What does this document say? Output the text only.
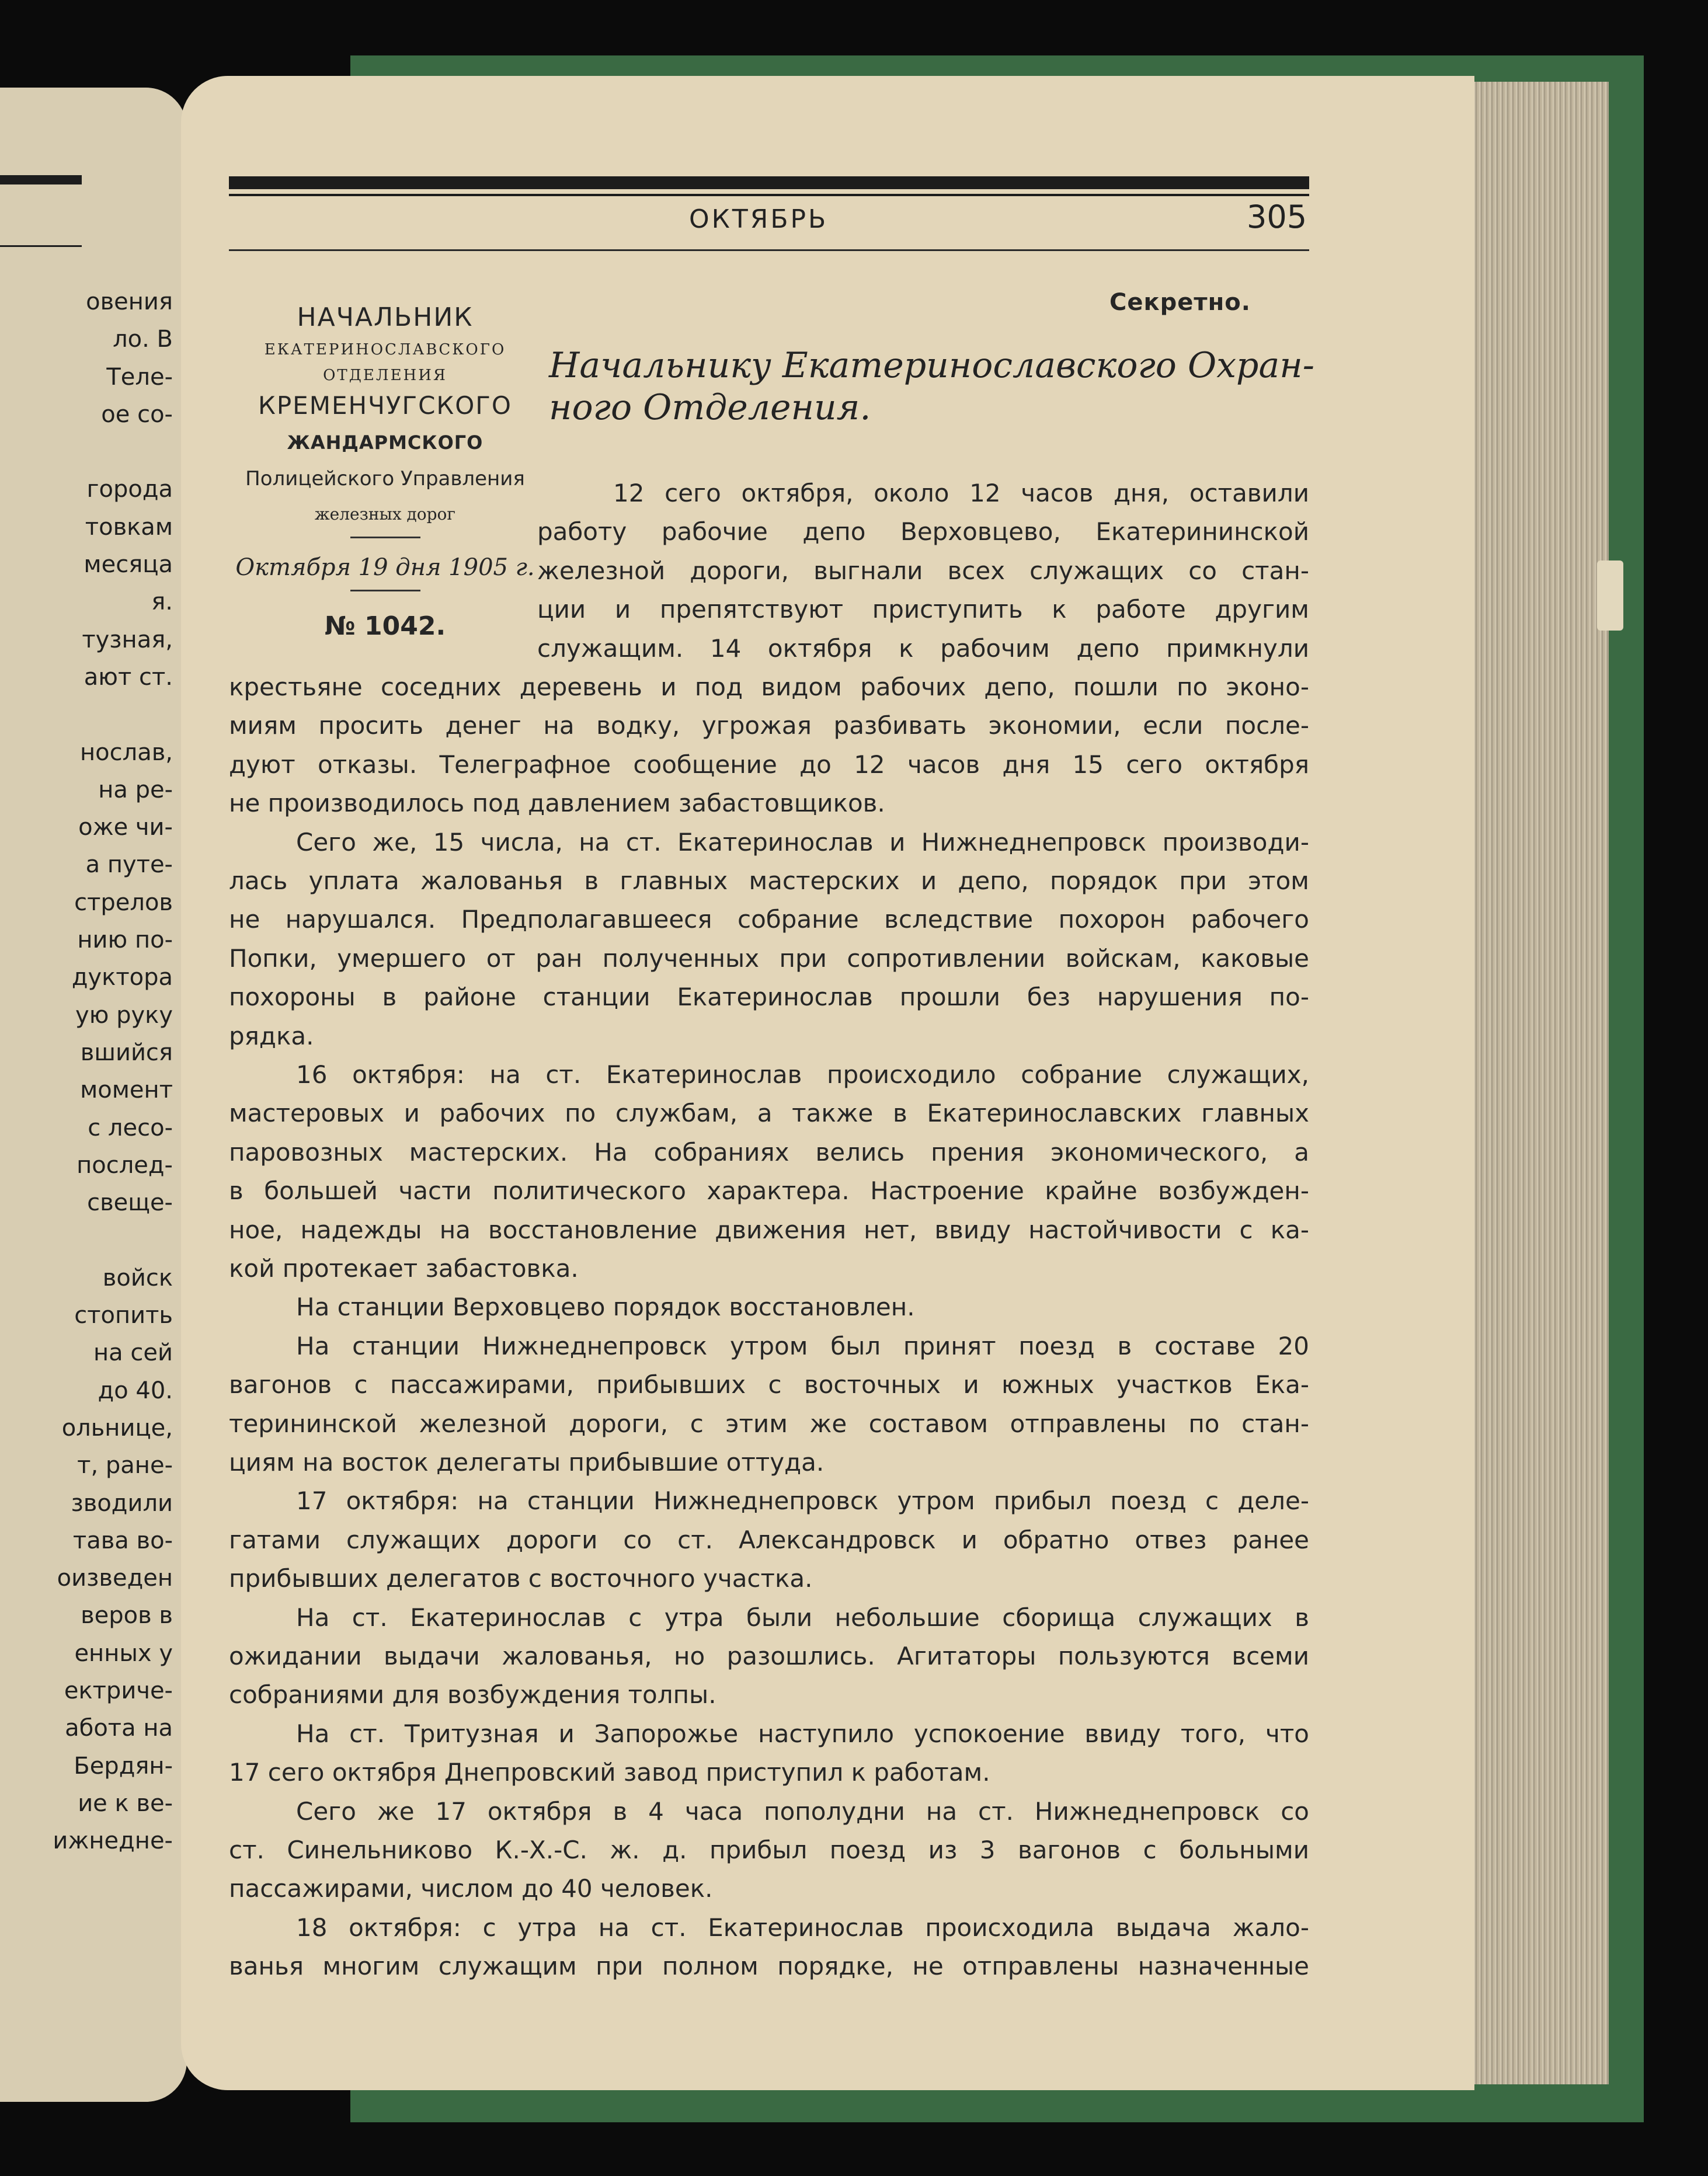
овения
ло. В
Теле-
ое со-
города
товкам
месяца
я.
тузная,
ают ст.
нослав,
на ре-
оже чи-
а путе-
стрелов
нию по-
дуктора
ую руку
вшийся
момент
с лесо-
послед-
свеще-
войск
стопить
на сей
до 40.
ольнице,
т, ране-
зводили
тава во-
оизведен
веров в
енных у
ектриче-
абота на
Бердян-
ие к ве-
ижнедне-
ОКТЯБРЬ	305
НАЧАЛЬНИК
ЕКАТЕРИНОСЛАВСКОГО
ОТДЕЛЕНИЯ
КРЕМЕНЧУГСКОГО
ЖАНДАРМСКОГО
Полицейского Управления
железных дорог
Октября 19 дня 1905 г.
№ 1042.
Секретно.
Начальнику Екатеринославского Охран-
ного Отделения.
12 сего октября, около 12 часов дня, оставили
работу рабочие депо Верховцево, Екатерининской
железной дороги, выгнали всех служащих со стан-
ции и препятствуют приступить к работе другим
служащим. 14 октября к рабочим депо примкнули
крестьяне соседних деревень и под видом рабочих депо, пошли по эконо-
миям просить денег на водку, угрожая разбивать экономии, если после-
дуют отказы. Телеграфное сообщение до 12 часов дня 15 сего октября
не производилось под давлением забастовщиков.
Сего же, 15 числа, на ст. Екатеринослав и Нижнеднепровск производи-
лась уплата жалованья в главных мастерских и депо, порядок при этом
не нарушался. Предполагавшееся собрание вследствие похорон рабочего
Попки, умершего от ран полученных при сопротивлении войскам, каковые
похороны в районе станции Екатеринослав прошли без нарушения по-
рядка.
16 октября: на ст. Екатеринослав происходило собрание служащих,
мастеровых и рабочих по службам, а также в Екатеринославских главных
паровозных мастерских. На собраниях велись прения экономического, а
в большей части политического характера. Настроение крайне возбужден-
ное, надежды на восстановление движения нет, ввиду настойчивости с ка-
кой протекает забастовка.
На станции Верховцево порядок восстановлен.
На станции Нижнеднепровск утром был принят поезд в составе 20
вагонов с пассажирами, прибывших с восточных и южных участков Ека-
терининской железной дороги, с этим же составом отправлены по стан-
циям на восток делегаты прибывшие оттуда.
17 октября: на станции Нижнеднепровск утром прибыл поезд с деле-
гатами служащих дороги со ст. Александровск и обратно отвез ранее
прибывших делегатов с восточного участка.
На ст. Екатеринослав с утра были небольшие сборища служащих в
ожидании выдачи жалованья, но разошлись. Агитаторы пользуются всеми
собраниями для возбуждения толпы.
На ст. Тритузная и Запорожье наступило успокоение ввиду того, что
17 сего октября Днепровский завод приступил к работам.
Сего же 17 октября в 4 часа пополудни на ст. Нижнеднепровск со
ст. Синельниково К.-Х.-С. ж. д. прибыл поезд из 3 вагонов с больными
пассажирами, числом до 40 человек.
18 октября: с утра на ст. Екатеринослав происходила выдача жало-
ванья многим служащим при полном порядке, не отправлены назначенные
